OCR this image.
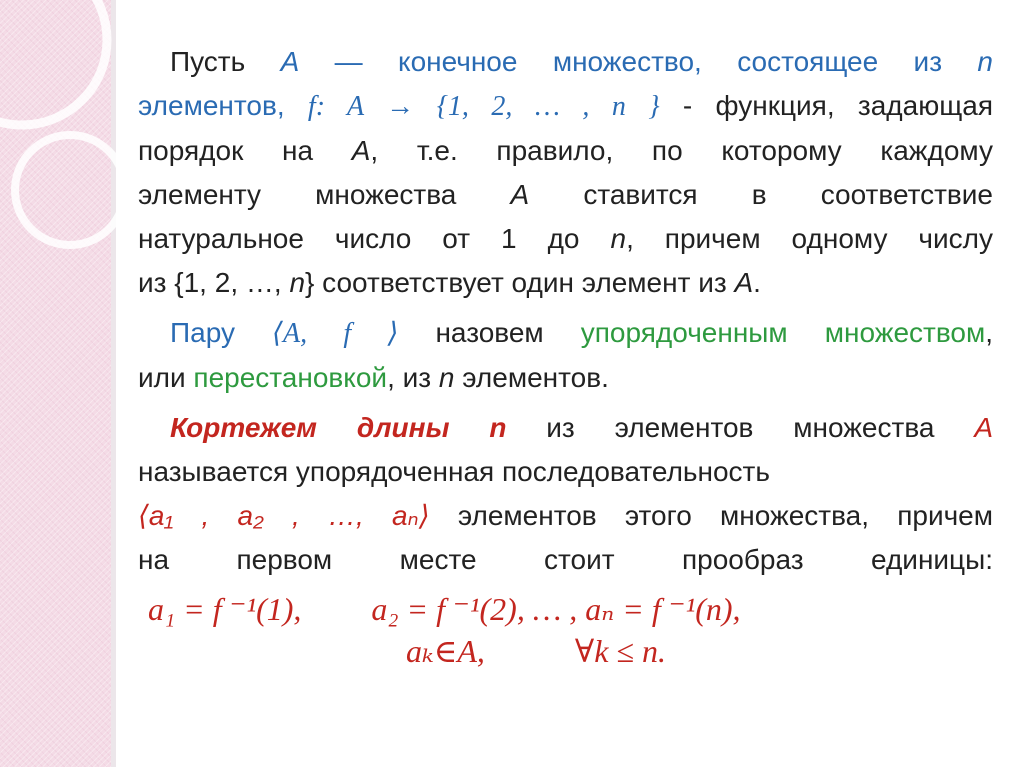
Пусть A — конечное множество, состоящее из n
элементов, f: A → {1, 2, … , n } - функция, задающая
порядок на A, т.е. правило, по которому каждому
элементу множества A ставится в соответствие
натуральное число от 1 до n, причем одному числу
из {1, 2, …, n} соответствует один элемент из A.
Пару ⟨A, f ⟩ назовем упорядоченным множеством,
или перестановкой, из n элементов.
Кортежем длины n из элементов множества A
называется упорядоченная последовательность
⟨a₁ , a₂ , …, aₙ⟩ элементов этого множества, причем
на первом месте стоит прообраз единицы:
a₁ = f ⁻¹(1), a₂ = f ⁻¹(2), … , aₙ = f ⁻¹(n),
aₖ∈A,	∀k ≤ n.
